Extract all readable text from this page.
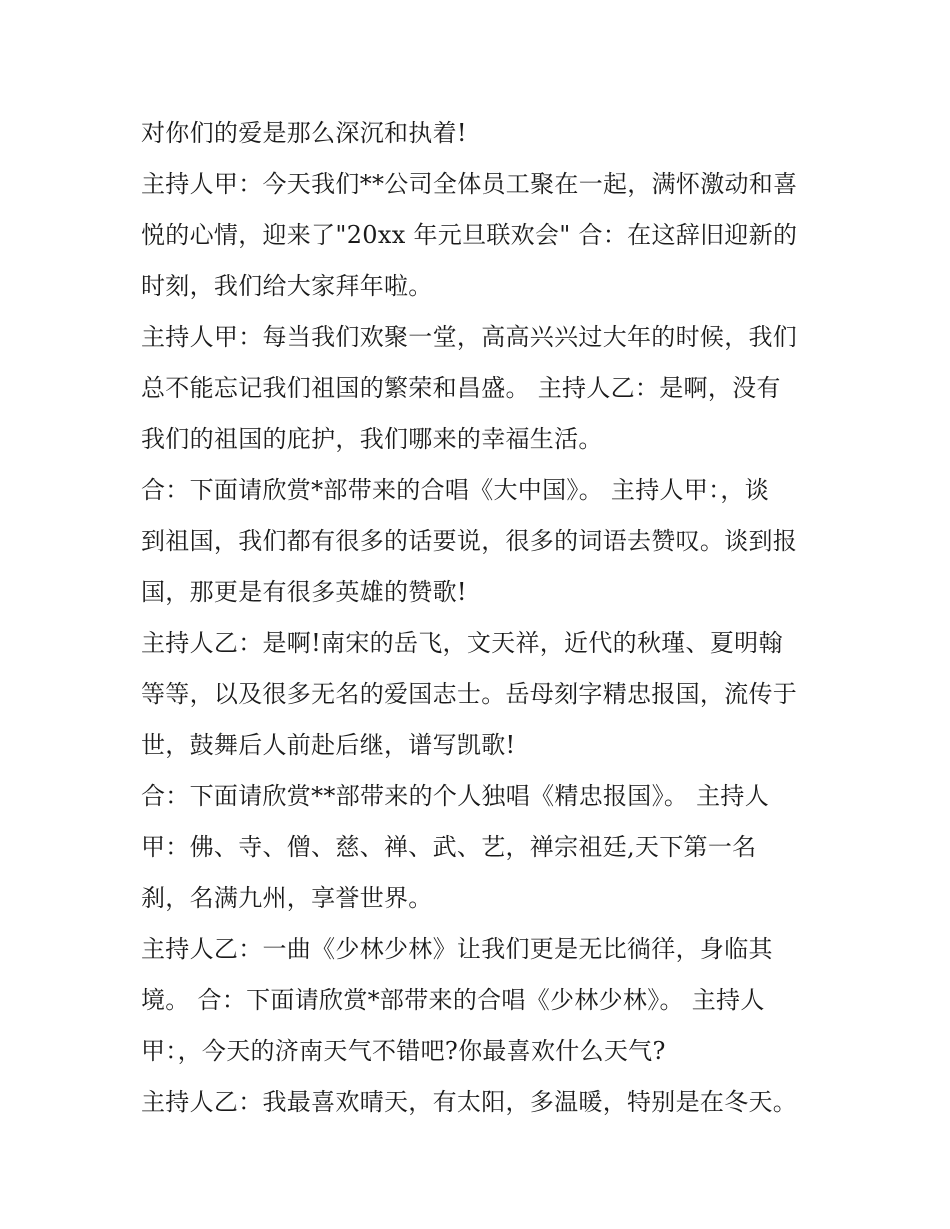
对你们的爱是那么深沉和执着!
主持人甲：今天我们**公司全体员工聚在一起，满怀激动和喜
悦的心情，迎来了"20xx 年元旦联欢会" 合：在这辞旧迎新的
时刻，我们给大家拜年啦。
主持人甲：每当我们欢聚一堂，高高兴兴过大年的时候，我们
总不能忘记我们祖国的繁荣和昌盛。 主持人乙：是啊，没有
我们的祖国的庇护，我们哪来的幸福生活。
合：下面请欣赏*部带来的合唱《大中国》。 主持人甲：，谈
到祖国，我们都有很多的话要说，很多的词语去赞叹。谈到报
国，那更是有很多英雄的赞歌!
主持人乙：是啊!南宋的岳飞，文天祥，近代的秋瑾、夏明翰
等等，以及很多无名的爱国志士。岳母刻字精忠报国，流传于
世，鼓舞后人前赴后继，谱写凯歌!
合：下面请欣赏**部带来的个人独唱《精忠报国》。 主持人
甲：佛、寺、僧、慈、禅、武、艺，禅宗祖廷,天下第一名
刹，名满九州，享誉世界。
主持人乙：一曲《少林少林》让我们更是无比徜徉，身临其
境。 合：下面请欣赏*部带来的合唱《少林少林》。 主持人
甲：，今天的济南天气不错吧?你最喜欢什么天气?
主持人乙：我最喜欢晴天，有太阳，多温暖，特别是在冬天。
